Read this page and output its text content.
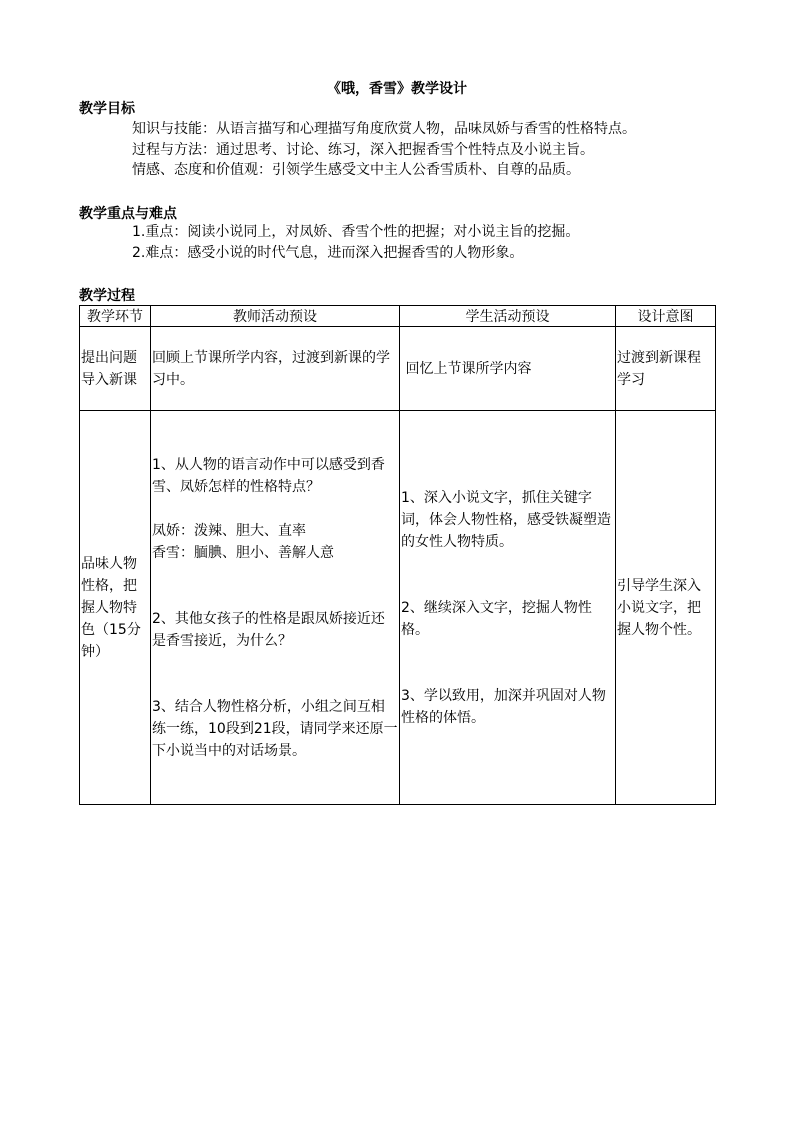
《哦，香雪》教学设计
教学目标
知识与技能：从语言描写和心理描写角度欣赏人物，品味凤娇与香雪的性格特点。
过程与方法：通过思考、讨论、练习，深入把握香雪个性特点及小说主旨。
情感、态度和价值观：引领学生感受文中主人公香雪质朴、自尊的品质。
教学重点与难点
1.重点：阅读小说同上，对凤娇、香雪个性的把握；对小说主旨的挖掘。
2.难点：感受小说的时代气息，进而深入把握香雪的人物形象。
教学过程
教学环节	教师活动预设	学生活动预设	设计意图
提出问题导入新课	回顾上节课所学内容，过渡到新课的学习中。	回忆上节课所学内容	过渡到新课程学习
品味人物性格，把握人物特色（15分钟）	1、从人物的语言动作中可以感受到香雪、凤娇怎样的性格特点？
凤娇：泼辣、胆大、直率
香雪：腼腆、胆小、善解人意
2、其他女孩子的性格是跟凤娇接近还是香雪接近，为什么？
3、结合人物性格分析，小组之间互相练一练，10段到21段，请同学来还原一下小说当中的对话场景。	1、深入小说文字，抓住关键字词，体会人物性格，感受铁凝塑造的女性人物特质。
2、继续深入文字，挖掘人物性格。
3、学以致用，加深并巩固对人物性格的体悟。	引导学生深入小说文字，把握人物个性。
